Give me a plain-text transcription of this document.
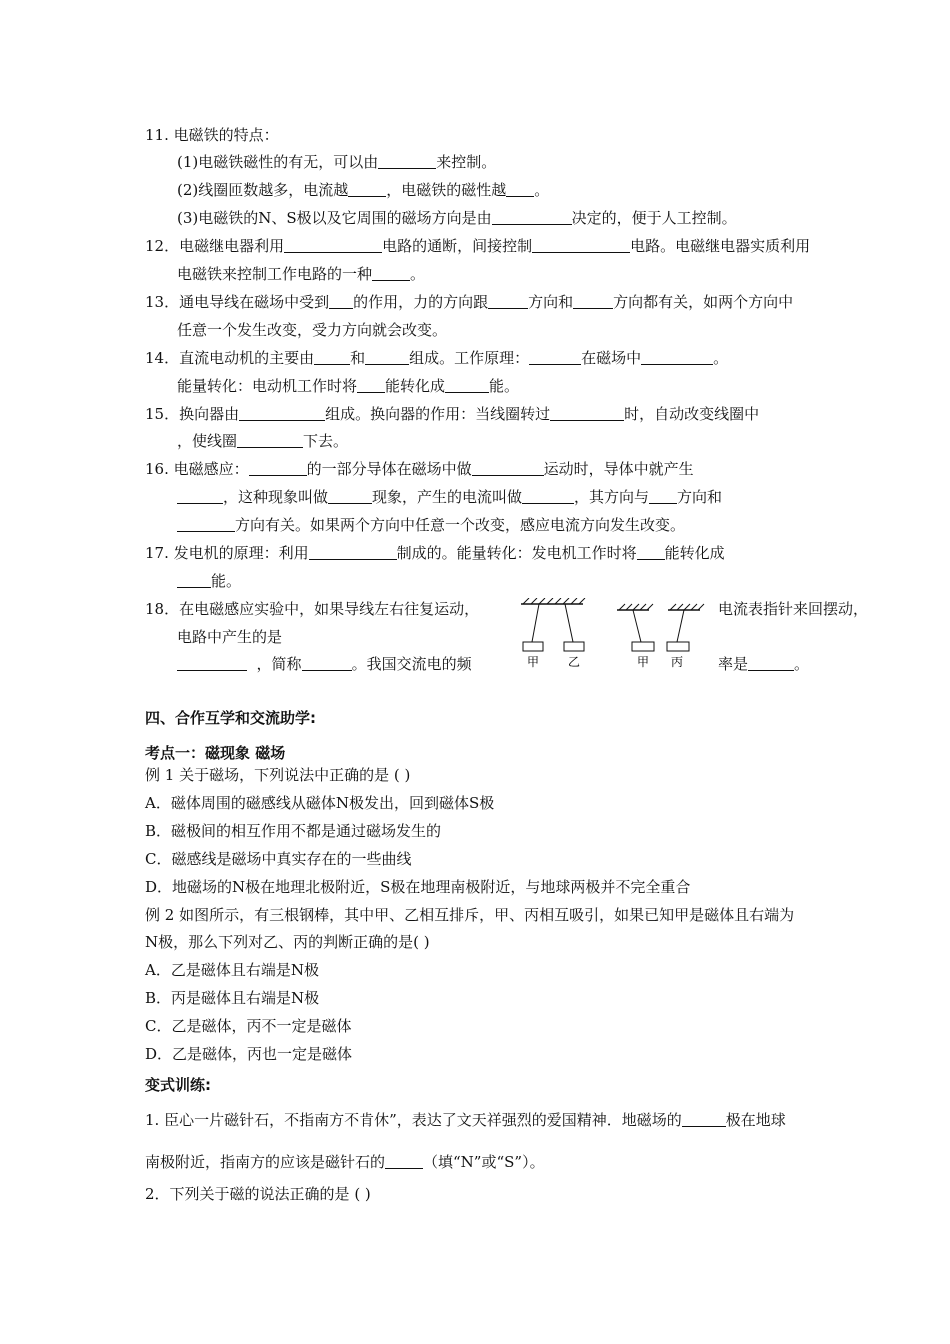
11. 电磁铁的特点：
(1)电磁铁磁性的有无，可以由	来控制。
(2)线圈匝数越多，电流越	，电磁铁的磁性越 。
(3)电磁铁的N、S极以及它周围的磁场方向是由	决定的，便于人工控制。
12．电磁继电器利用	电路的通断，间接控制	电路。电磁继电器实质利用
电磁铁来控制工作电路的一种	。
13．通电导线在磁场中受到 的作用，力的方向跟	方向和	方向都有关，如两个方向中
任意一个发生改变，受力方向就会改变。
14．直流电动机的主要由 和	组成。工作原理：	在磁场中	。
能量转化：电动机工作时将 能转化成	能。
15．换向器由	组成。换向器的作用：当线圈转过	时，自动改变线圈中
，使线圈	下去。
16. 电磁感应：	的一部分导体在磁场中做	运动时，导体中就产生
，这种现象叫做	现象，产生的电流叫做	，其方向与 方向和
方向有关。如果两个方向中任意一个改变，感应电流方向发生改变。
17. 发电机的原理：利用	制成的。能量转化：发电机工作时将 能转化成
能。
18．在电磁感应实验中，如果导线左右往复运动，	电流表指针来回摆动，
电路中产生的是
，简称	。我国交流电的频	率是	。
甲 乙	甲 丙
四、合作互学和交流助学:
考点一：磁现象 磁场
例 1 关于磁场，下列说法中正确的是 ( )
A．磁体周围的磁感线从磁体N极发出，回到磁体S极
B．磁极间的相互作用不都是通过磁场发生的
C．磁感线是磁场中真实存在的一些曲线
D．地磁场的N极在地理北极附近，S极在地理南极附近，与地球两极并不完全重合
例 2 如图所示，有三根钢棒，其中甲、乙相互排斥，甲、丙相互吸引，如果已知甲是磁体且右端为
N极，那么下列对乙、丙的判断正确的是( )
A．乙是磁体且右端是N极
B．丙是磁体且右端是N极
C．乙是磁体，丙不一定是磁体
D．乙是磁体，丙也一定是磁体
变式训练:
1. 臣心一片磁针石，不指南方不肯休”，表达了文天祥强烈的爱国精神．地磁场的	极在地球
南极附近，指南方的应该是磁针石的	（填“N”或“S”）。
2．下列关于磁的说法正确的是 ( )
